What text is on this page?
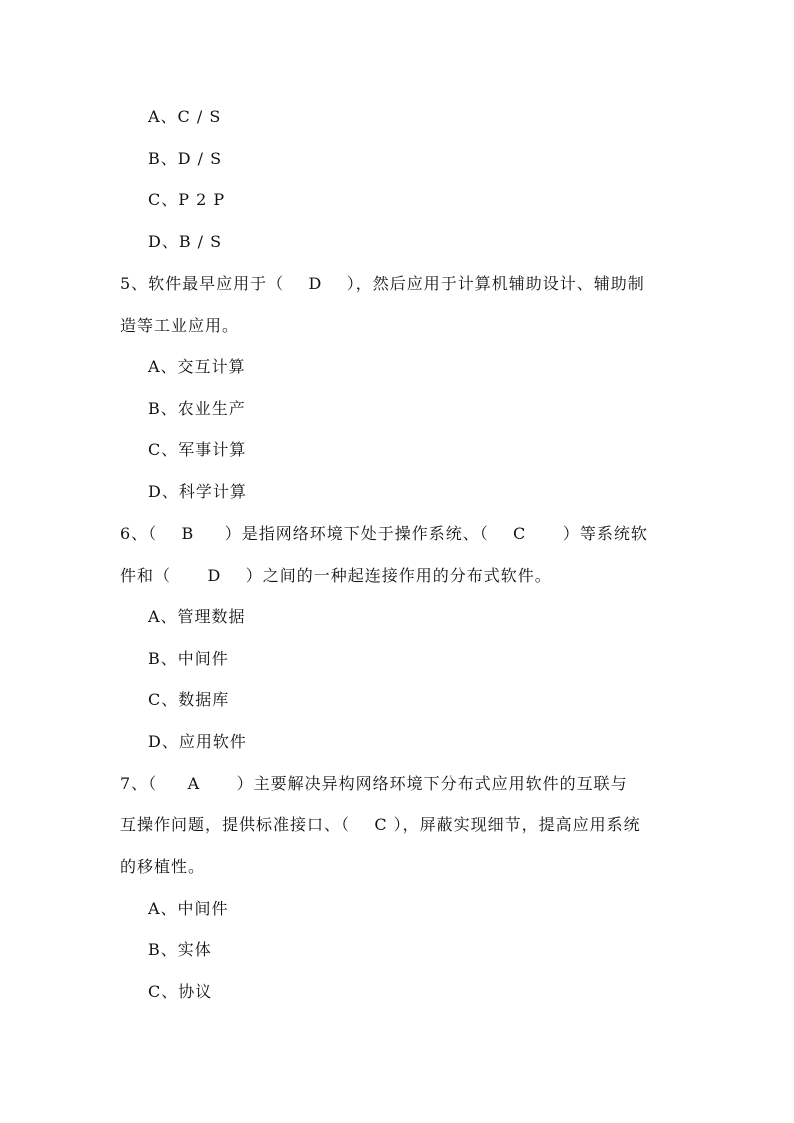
A、C / S
B、D / S
C、P 2 P
D、B / S
5、软件最早应用于（    D    ），然后应用于计算机辅助设计、辅助制
造等工业应用。
A、交互计算
B、农业生产
C、军事计算
D、科学计算
6、（    B     ）是指网络环境下处于操作系统、（    C      ）等系统软
件和（      D    ）之间的一种起连接作用的分布式软件。
A、管理数据
B、中间件
C、数据库
D、应用软件
7、（     A      ）主要解决异构网络环境下分布式应用软件的互联与
互操作问题，提供标准接口、（    C ），屏蔽实现细节，提高应用系统
的移植性。
A、中间件
B、实体
C、协议
